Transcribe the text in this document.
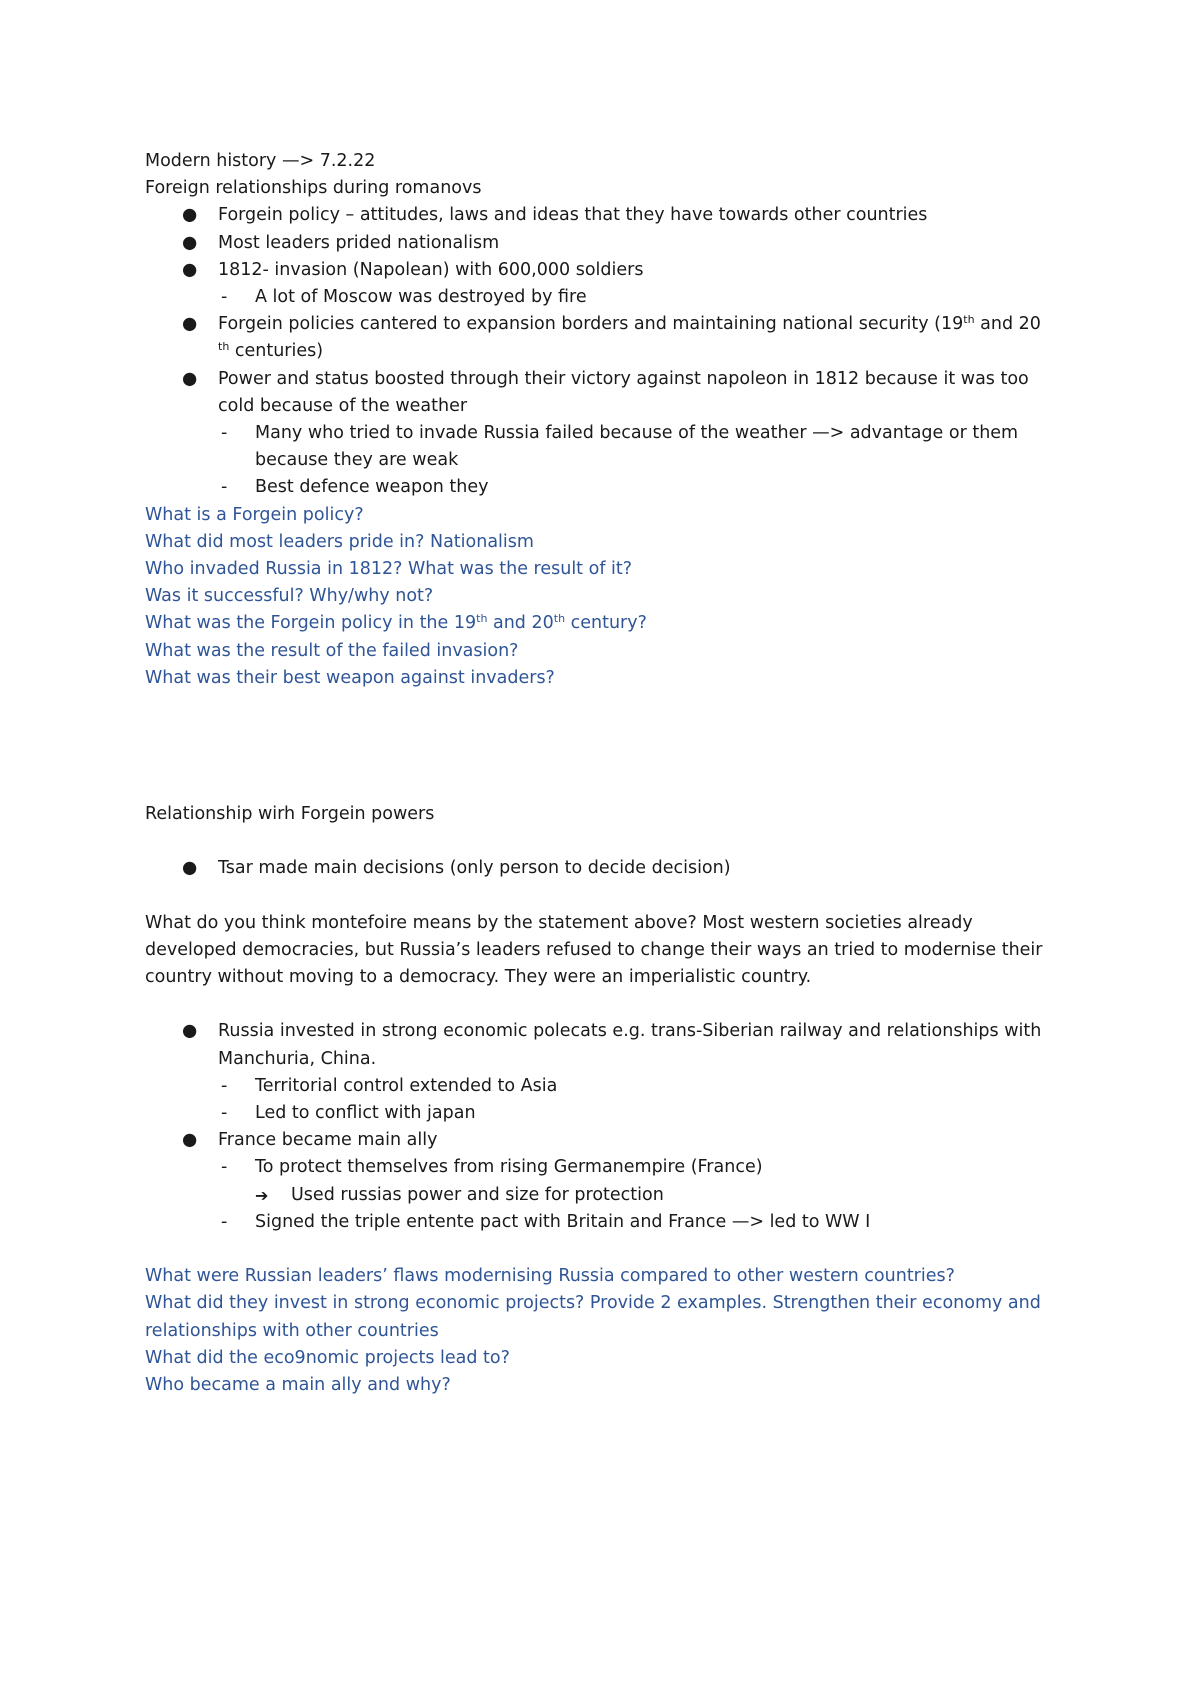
Modern history —> 7.2.22
Foreign relationships during romanovs
● Forgein policy – attitudes, laws and ideas that they have towards other countries
● Most leaders prided nationalism
● 1812- invasion (Napolean) with 600,000 soldiers
- A lot of Moscow was destroyed by fire
● Forgein policies cantered to expansion borders and maintaining national security (19th and 20
$^{th}$ centuries)
● Power and status boosted through their victory against napoleon in 1812 because it was too cold because of the weather
- Many who tried to invade Russia failed because of the weather —> advantage or them because they are weak
- Best defence weapon they
What is a Forgein policy?
What did most leaders pride in? Nationalism
Who invaded Russia in 1812? What was the result of it?
Was it successful? Why/why not?
What was the Forgein policy in the 19th and 20th century?
What was the result of the failed invasion?
What was their best weapon against invaders?
Relationship wirh Forgein powers
● Tsar made main decisions (only person to decide decision)
What do you think montefoire means by the statement above? Most western societies already developed democracies, but Russia’s leaders refused to change their ways an tried to modernise their country without moving to a democracy. They were an imperialistic country.
● Russia invested in strong economic polecats e.g. trans-Siberian railway and relationships with Manchuria, China.
- Territorial control extended to Asia
- Led to conflict with japan
● France became main ally
- To protect themselves from rising Germanempire (France)
➔ Used russias power and size for protection
- Signed the triple entente pact with Britain and France —> led to WW I
What were Russian leaders’ flaws modernising Russia compared to other western countries?
What did they invest in strong economic projects? Provide 2 examples. Strengthen their economy and relationships with other countries
What did the eco9nomic projects lead to?
Who became a main ally and why?
